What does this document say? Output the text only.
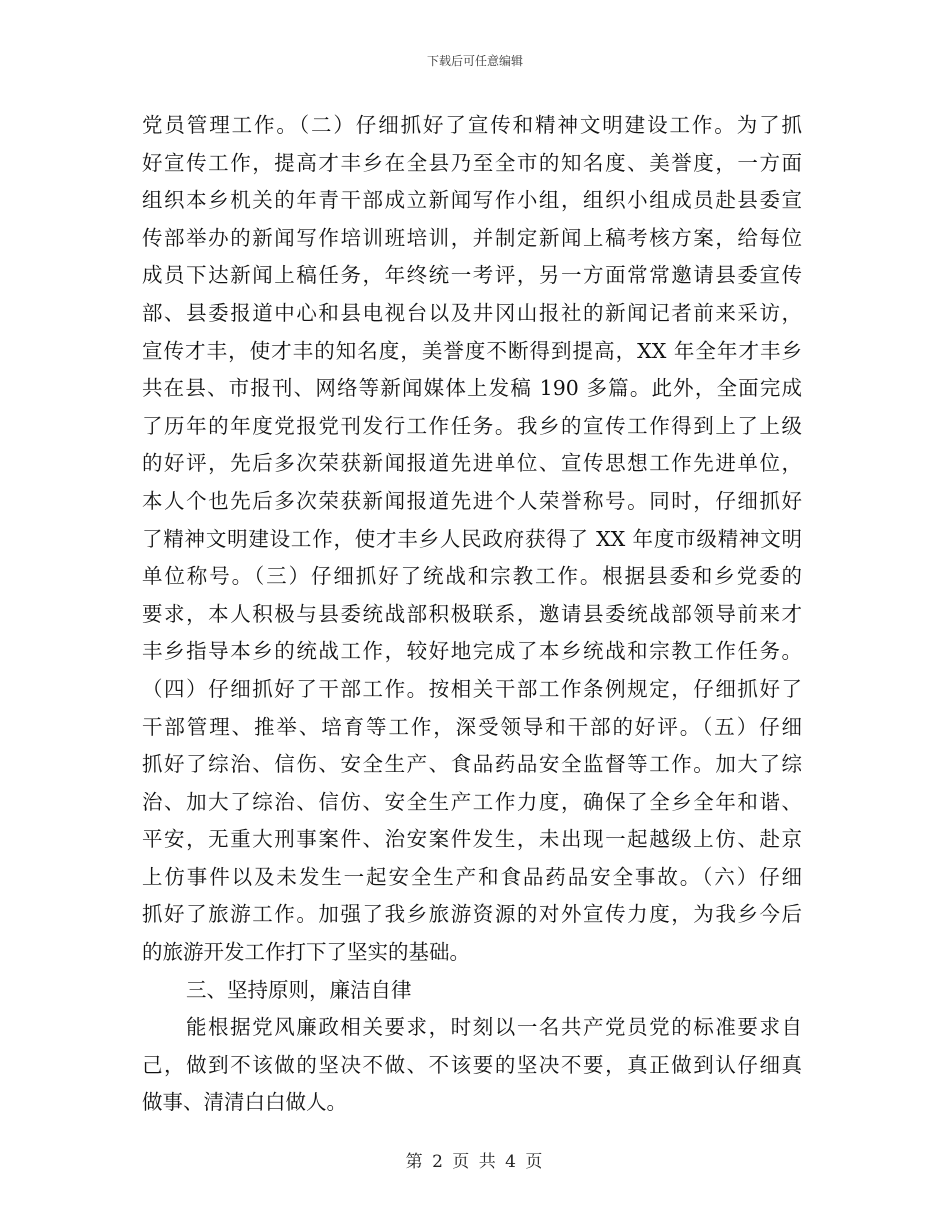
下载后可任意编辑
党员管理工作。（二）仔细抓好了宣传和精神文明建设工作。为了抓
好宣传工作，提高才丰乡在全县乃至全市的知名度、美誉度，一方面
组织本乡机关的年青干部成立新闻写作小组，组织小组成员赴县委宣
传部举办的新闻写作培训班培训，并制定新闻上稿考核方案，给每位
成员下达新闻上稿任务，年终统一考评，另一方面常常邀请县委宣传
部、县委报道中心和县电视台以及井冈山报社的新闻记者前来采访，
宣传才丰，使才丰的知名度，美誉度不断得到提高，XX 年全年才丰乡
共在县、市报刊、网络等新闻媒体上发稿 190 多篇。此外，全面完成
了历年的年度党报党刊发行工作任务。我乡的宣传工作得到上了上级
的好评，先后多次荣获新闻报道先进单位、宣传思想工作先进单位，
本人个也先后多次荣获新闻报道先进个人荣誉称号。同时，仔细抓好
了精神文明建设工作，使才丰乡人民政府获得了 XX 年度市级精神文明
单位称号。（三）仔细抓好了统战和宗教工作。根据县委和乡党委的
要求，本人积极与县委统战部积极联系，邀请县委统战部领导前来才
丰乡指导本乡的统战工作，较好地完成了本乡统战和宗教工作任务。
（四）仔细抓好了干部工作。按相关干部工作条例规定，仔细抓好了
干部管理、推举、培育等工作，深受领导和干部的好评。（五）仔细
抓好了综治、信伤、安全生产、食品药品安全监督等工作。加大了综
治、加大了综治、信仿、安全生产工作力度，确保了全乡全年和谐、
平安，无重大刑事案件、治安案件发生，未出现一起越级上仿、赴京
上仿事件以及未发生一起安全生产和食品药品安全事故。（六）仔细
抓好了旅游工作。加强了我乡旅游资源的对外宣传力度，为我乡今后
的旅游开发工作打下了坚实的基础。
三、坚持原则，廉洁自律
能根据党风廉政相关要求，时刻以一名共产党员党的标准要求自
己，做到不该做的坚决不做、不该要的坚决不要，真正做到认仔细真
做事、清清白白做人。
第 2 页 共 4 页
